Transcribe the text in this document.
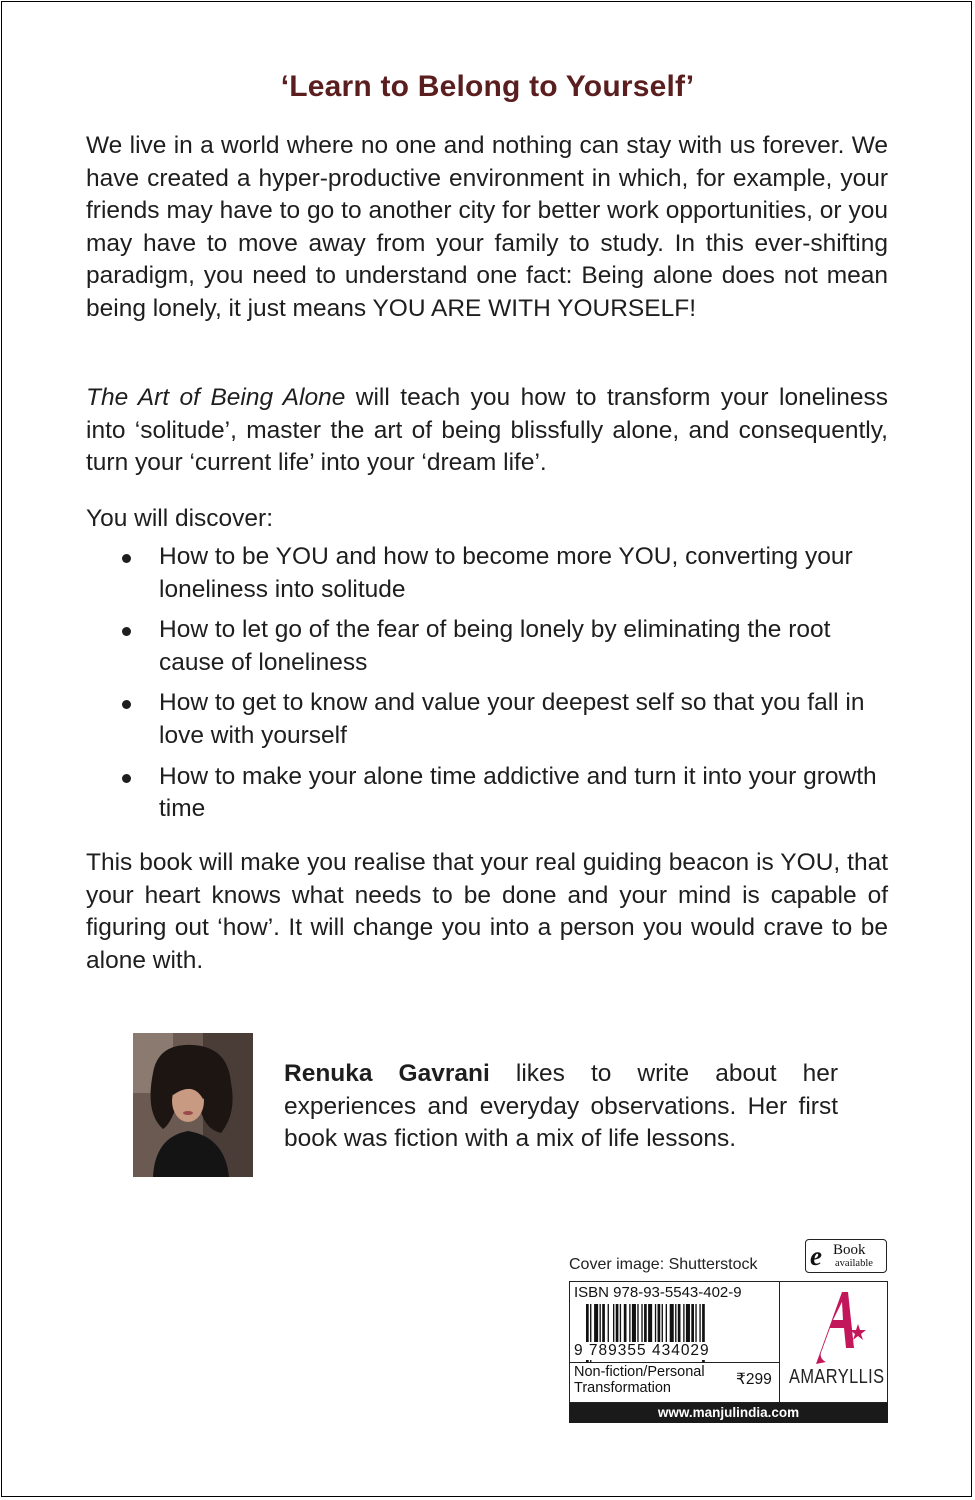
‘Learn to Belong to Yourself’
We live in a world where no one and nothing can stay with us forever. We have created a hyper-productive environment in which, for example, your friends may have to go to another city for better work opportunities, or you may have to move away from your family to study. In this ever-shifting paradigm, you need to understand one fact: Being alone does not mean being lonely, it just means YOU ARE WITH YOURSELF!
The Art of Being Alone will teach you how to transform your loneliness into ‘solitude’, master the art of being blissfully alone, and consequently, turn your ‘current life’ into your ‘dream life’.
You will discover:
How to be YOU and how to become more YOU, converting your loneliness into solitude
How to let go of the fear of being lonely by eliminating the root cause of loneliness
How to get to know and value your deepest self so that you fall in love with yourself
How to make your alone time addictive and turn it into your growth time
This book will make you realise that your real guiding beacon is YOU, that your heart knows what needs to be done and your mind is capable of figuring out ‘how’. It will change you into a person you would crave to be alone with.
Renuka Gavrani likes to write about her experiences and everyday observations. Her first book was fiction with a mix of life lessons.
Cover image: Shutterstock e Book
available
ISBN 978-93-5543-402-9
9 789355 434029
Non-fiction/Personal Transformation	₹299 AMARYLLIS
www.manjulindia.com
